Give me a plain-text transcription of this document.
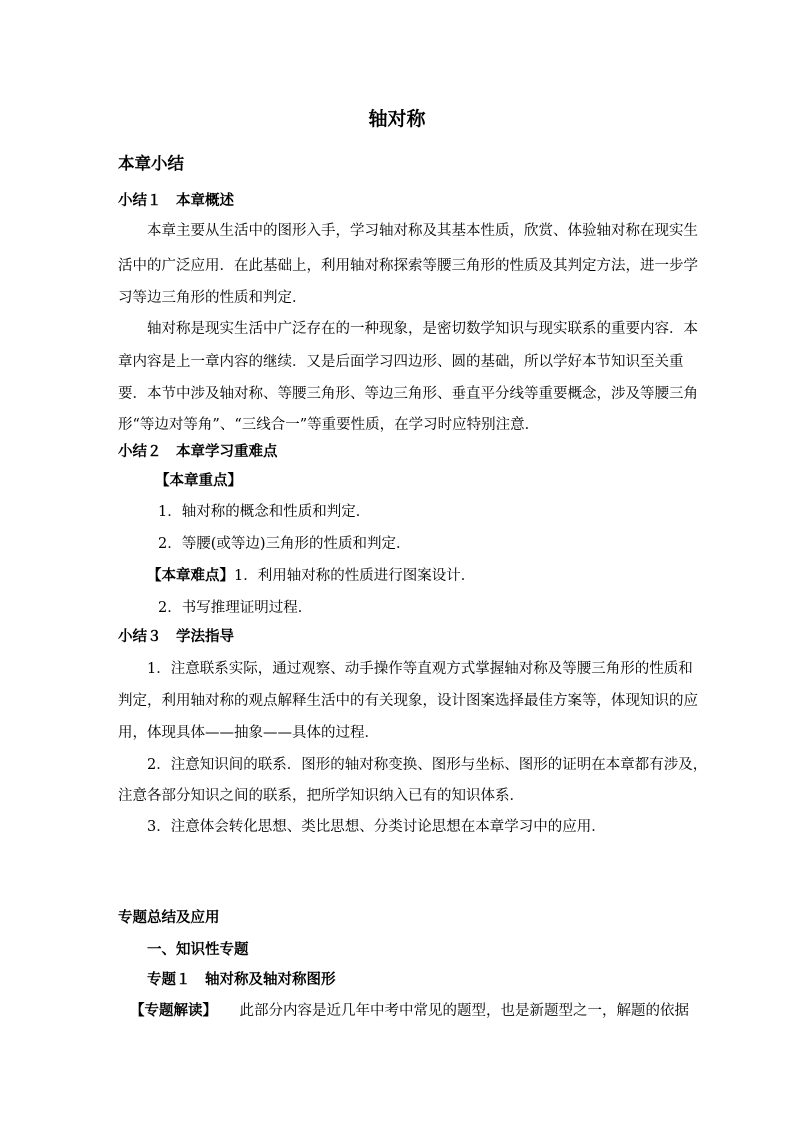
轴对称
本章小结
小结１　本章概述
本章主要从生活中的图形入手，学习轴对称及其基本性质，欣赏、体验轴对称在现实生
活中的广泛应用．在此基础上，利用轴对称探索等腰三角形的性质及其判定方法，进一步学
习等边三角形的性质和判定．
轴对称是现实生活中广泛存在的一种现象，是密切数学知识与现实联系的重要内容．本
章内容是上一章内容的继续．又是后面学习四边形、圆的基础，所以学好本节知识至关重
要．本节中涉及轴对称、等腰三角形、等边三角形、垂直平分线等重要概念，涉及等腰三角
形“等边对等角”、“三线合一”等重要性质，在学习时应特别注意．
小结２　本章学习重难点
【本章重点】
1．轴对称的概念和性质和判定．
2．等腰(或等边)三角形的性质和判定．
【本章难点】 1．利用轴对称的性质进行图案设计．
2．书写推理证明过程．
小结３　学法指导
1．注意联系实际，通过观察、动手操作等直观方式掌握轴对称及等腰三角形的性质和
判定，利用轴对称的观点解释生活中的有关现象，设计图案选择最佳方案等，体现知识的应
用，体现具体——抽象——具体的过程．
2．注意知识间的联系．图形的轴对称变换、图形与坐标、图形的证明在本章都有涉及，
注意各部分知识之间的联系，把所学知识纳入已有的知识体系．
3．注意体会转化思想、类比思想、分类讨论思想在本章学习中的应用．
专题总结及应用
一、知识性专题
专题１　轴对称及轴对称图形
【专题解读】 　此部分内容是近几年中考中常见的题型，也是新题型之一，解题的依据
